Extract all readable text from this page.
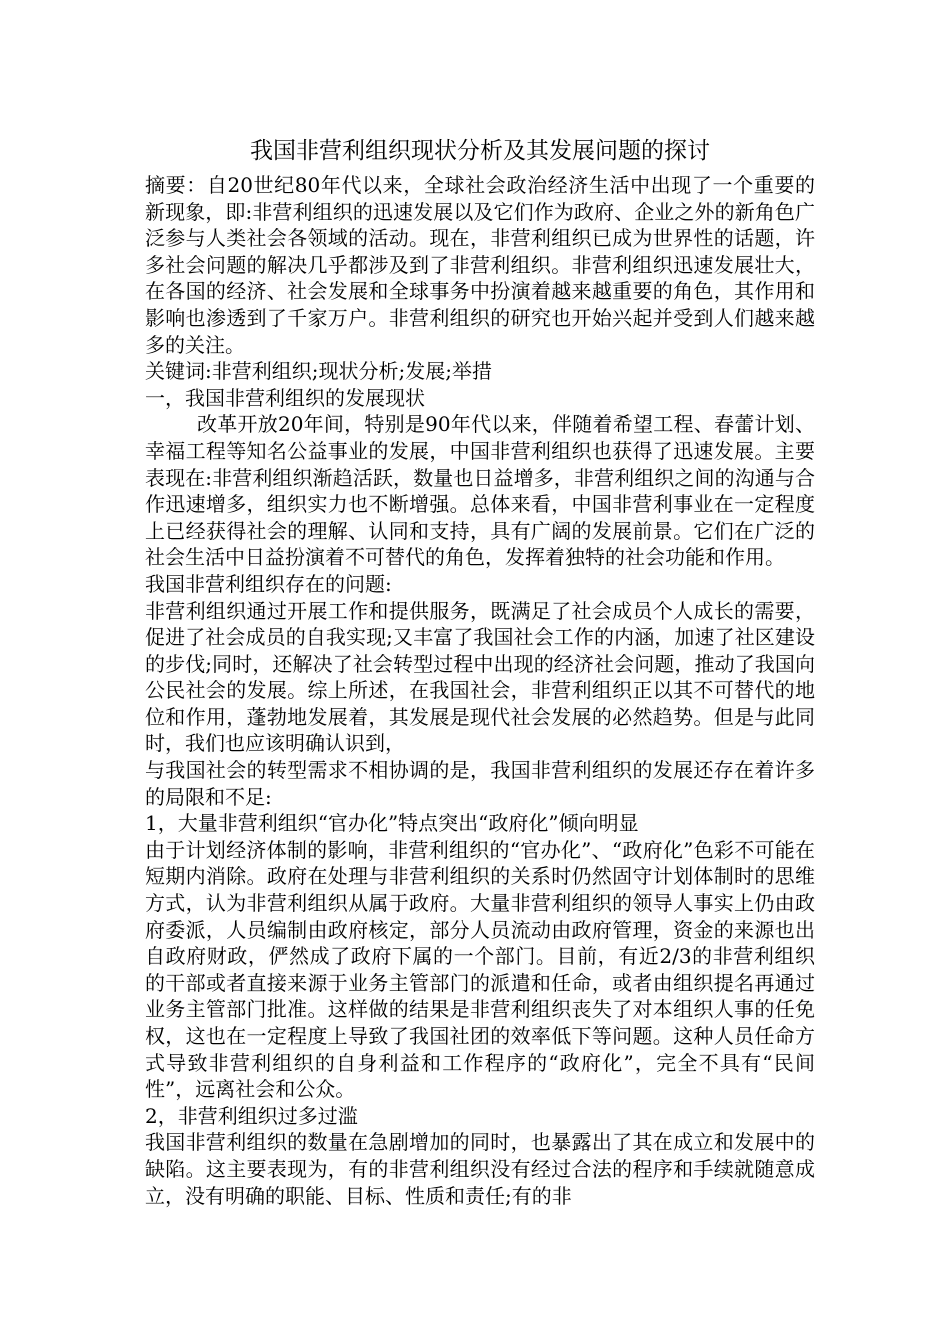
我国非营利组织现状分析及其发展问题的探讨

摘要：自20世纪80年代以来，全球社会政治经济生活中出现了一个重要的新现象，即:非营利组织的迅速发展以及它们作为政府、企业之外的新角色广泛参与人类社会各领域的活动。现在，非营利组织已成为世界性的话题，许多社会问题的解决几乎都涉及到了非营利组织。非营利组织迅速发展壮大，在各国的经济、社会发展和全球事务中扮演着越来越重要的角色，其作用和影响也渗透到了千家万户。非营利组织的研究也开始兴起并受到人们越来越多的关注。

关键词:非营利组织;现状分析;发展;举措

一，我国非营利组织的发展现状

改革开放20年间，特别是90年代以来，伴随着希望工程、春蕾计划、幸福工程等知名公益事业的发展，中国非营利组织也获得了迅速发展。主要表现在:非营利组织渐趋活跃，数量也日益增多，非营利组织之间的沟通与合作迅速增多，组织实力也不断增强。总体来看，中国非营利事业在一定程度上已经获得社会的理解、认同和支持，具有广阔的发展前景。它们在广泛的社会生活中日益扮演着不可替代的角色，发挥着独特的社会功能和作用。

我国非营利组织存在的问题:

非营利组织通过开展工作和提供服务，既满足了社会成员个人成长的需要，促进了社会成员的自我实现;又丰富了我国社会工作的内涵，加速了社区建设的步伐;同时，还解决了社会转型过程中出现的经济社会问题，推动了我国向公民社会的发展。综上所述，在我国社会，非营利组织正以其不可替代的地位和作用，蓬勃地发展着，其发展是现代社会发展的必然趋势。但是与此同时，我们也应该明确认识到，

与我国社会的转型需求不相协调的是，我国非营利组织的发展还存在着许多的局限和不足:

1，大量非营利组织“官办化”特点突出“政府化”倾向明显

由于计划经济体制的影响，非营利组织的“官办化”、“政府化”色彩不可能在短期内消除。政府在处理与非营利组织的关系时仍然固守计划体制时的思维方式，认为非营利组织从属于政府。大量非营利组织的领导人事实上仍由政府委派，人员编制由政府核定，部分人员流动由政府管理，资金的来源也出自政府财政，俨然成了政府下属的一个部门。目前，有近2/3的非营利组织的干部或者直接来源于业务主管部门的派遣和任命，或者由组织提名再通过业务主管部门批准。这样做的结果是非营利组织丧失了对本组织人事的任免权，这也在一定程度上导致了我国社团的效率低下等问题。这种人员任命方式导致非营利组织的自身利益和工作程序的“政府化”，完全不具有“民间性”，远离社会和公众。

2，非营利组织过多过滥

我国非营利组织的数量在急剧增加的同时，也暴露出了其在成立和发展中的缺陷。这主要表现为，有的非营利组织没有经过合法的程序和手续就随意成立，没有明确的职能、目标、性质和责任;有的非
